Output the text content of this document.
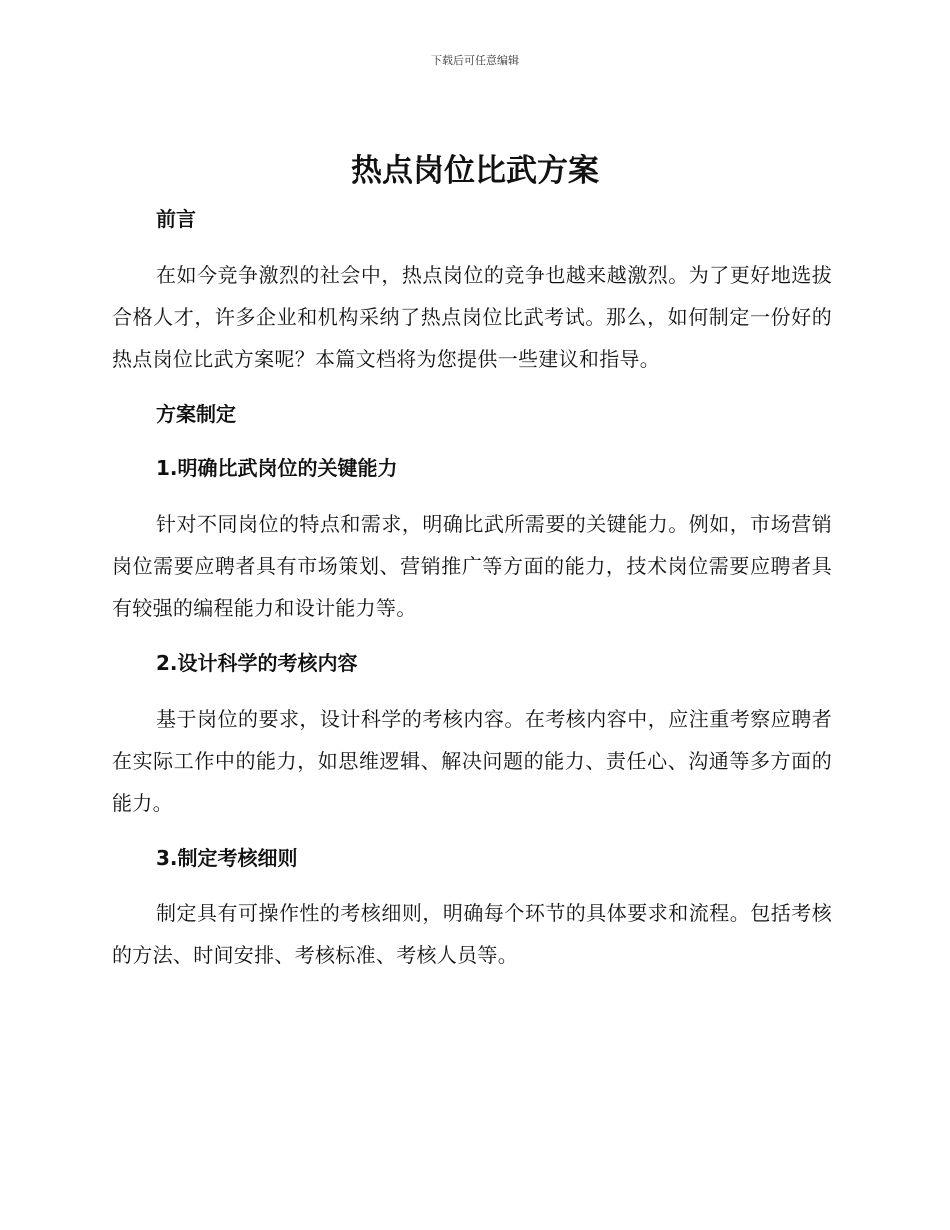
下载后可任意编辑
热点岗位比武方案
前言

在如今竞争激烈的社会中，热点岗位的竞争也越来越激烈。为了更好地选拔合格人才，许多企业和机构采纳了热点岗位比武考试。那么，如何制定一份好的热点岗位比武方案呢？本篇文档将为您提供一些建议和指导。

方案制定
1.明确比武岗位的关键能力

针对不同岗位的特点和需求，明确比武所需要的关键能力。例如，市场营销岗位需要应聘者具有市场策划、营销推广等方面的能力，技术岗位需要应聘者具有较强的编程能力和设计能力等。

2.设计科学的考核内容

基于岗位的要求，设计科学的考核内容。在考核内容中，应注重考察应聘者在实际工作中的能力，如思维逻辑、解决问题的能力、责任心、沟通等多方面的能力。

3.制定考核细则

制定具有可操作性的考核细则，明确每个环节的具体要求和流程。包括考核的方法、时间安排、考核标准、考核人员等。
